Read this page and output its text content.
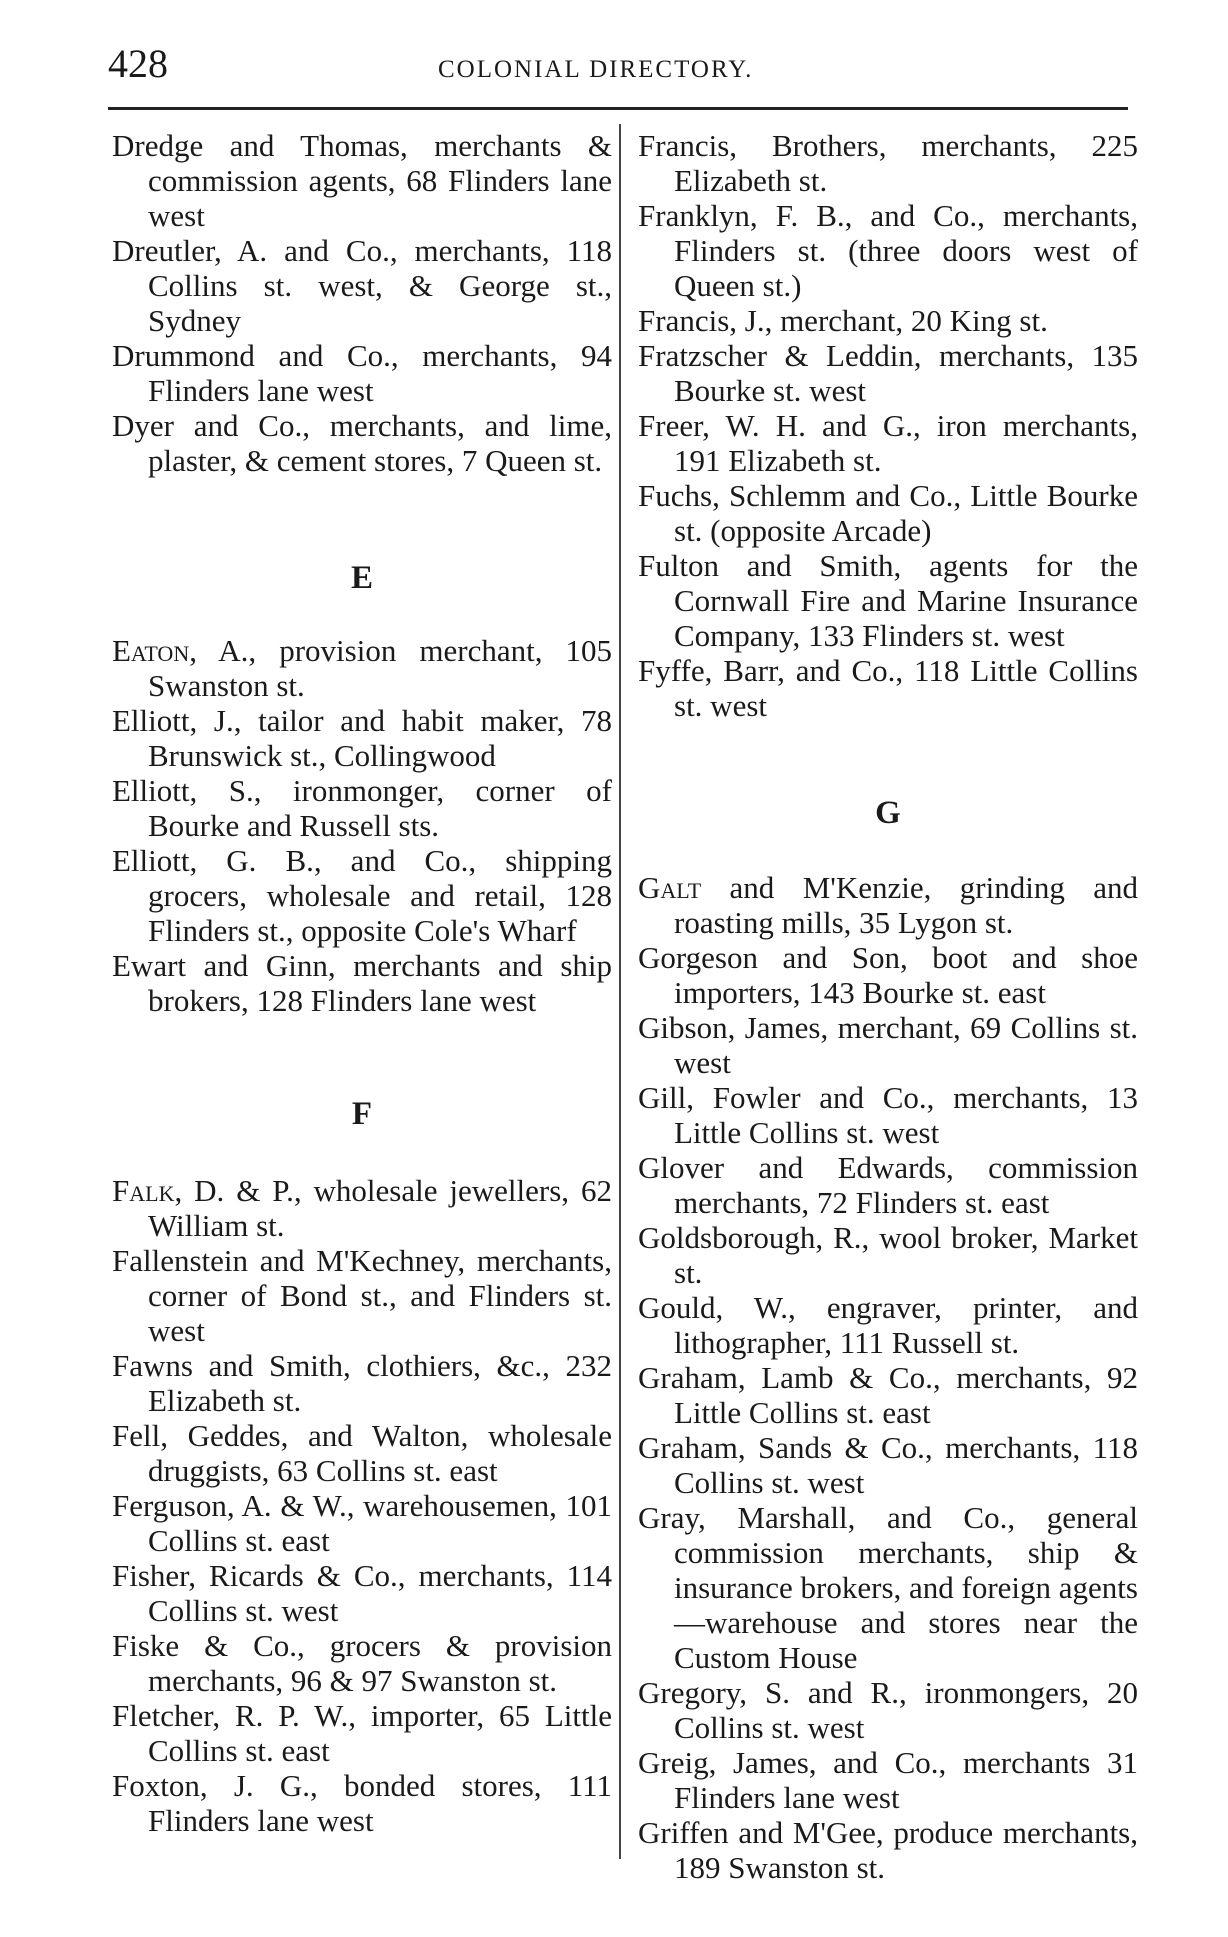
428	COLONIAL DIRECTORY.

Dredge and Thomas, merchants & commission agents, 68 Flinders lane west

Dreutler, A. and Co., merchants, 118 Collins st. west, & George st., Sydney

Drummond and Co., merchants, 94 Flinders lane west

Dyer and Co., merchants, and lime, plaster, & cement stores, 7 Queen st.

E

Eaton, A., provision merchant, 105 Swanston st.

Elliott, J., tailor and habit maker, 78 Brunswick st., Collingwood

Elliott, S., ironmonger, corner of Bourke and Russell sts.

Elliott, G. B., and Co., shipping grocers, wholesale and retail, 128 Flinders st., opposite Cole's Wharf

Ewart and Ginn, merchants and ship brokers, 128 Flinders lane west

F

Falk, D. & P., wholesale jewellers, 62 William st.

Fallenstein and M'Kechney, merchants, corner of Bond st., and Flinders st. west

Fawns and Smith, clothiers, &c., 232 Elizabeth st.

Fell, Geddes, and Walton, wholesale druggists, 63 Collins st. east

Ferguson, A. & W., warehousemen, 101 Collins st. east

Fisher, Ricards & Co., merchants, 114 Collins st. west

Fiske & Co., grocers & provision merchants, 96 & 97 Swanston st.

Fletcher, R. P. W., importer, 65 Little Collins st. east

Foxton, J. G., bonded stores, 111 Flinders lane west

Francis, Brothers, merchants, 225 Elizabeth st.

Franklyn, F. B., and Co., merchants, Flinders st. (three doors west of Queen st.)

Francis, J., merchant, 20 King st.

Fratzscher & Leddin, merchants, 135 Bourke st. west

Freer, W. H. and G., iron merchants, 191 Elizabeth st.

Fuchs, Schlemm and Co., Little Bourke st. (opposite Arcade)

Fulton and Smith, agents for the Cornwall Fire and Marine Insurance Company, 133 Flinders st. west

Fyffe, Barr, and Co., 118 Little Collins st. west

G

Galt and M'Kenzie, grinding and roasting mills, 35 Lygon st.

Gorgeson and Son, boot and shoe importers, 143 Bourke st. east

Gibson, James, merchant, 69 Collins st. west

Gill, Fowler and Co., merchants, 13 Little Collins st. west

Glover and Edwards, commission merchants, 72 Flinders st. east

Goldsborough, R., wool broker, Market st.

Gould, W., engraver, printer, and lithographer, 111 Russell st.

Graham, Lamb & Co., merchants, 92 Little Collins st. east

Graham, Sands & Co., merchants, 118 Collins st. west

Gray, Marshall, and Co., general commission merchants, ship & insurance brokers, and foreign agents—warehouse and stores near the Custom House

Gregory, S. and R., ironmongers, 20 Collins st. west

Greig, James, and Co., merchants 31 Flinders lane west

Griffen and M'Gee, produce merchants, 189 Swanston st.
